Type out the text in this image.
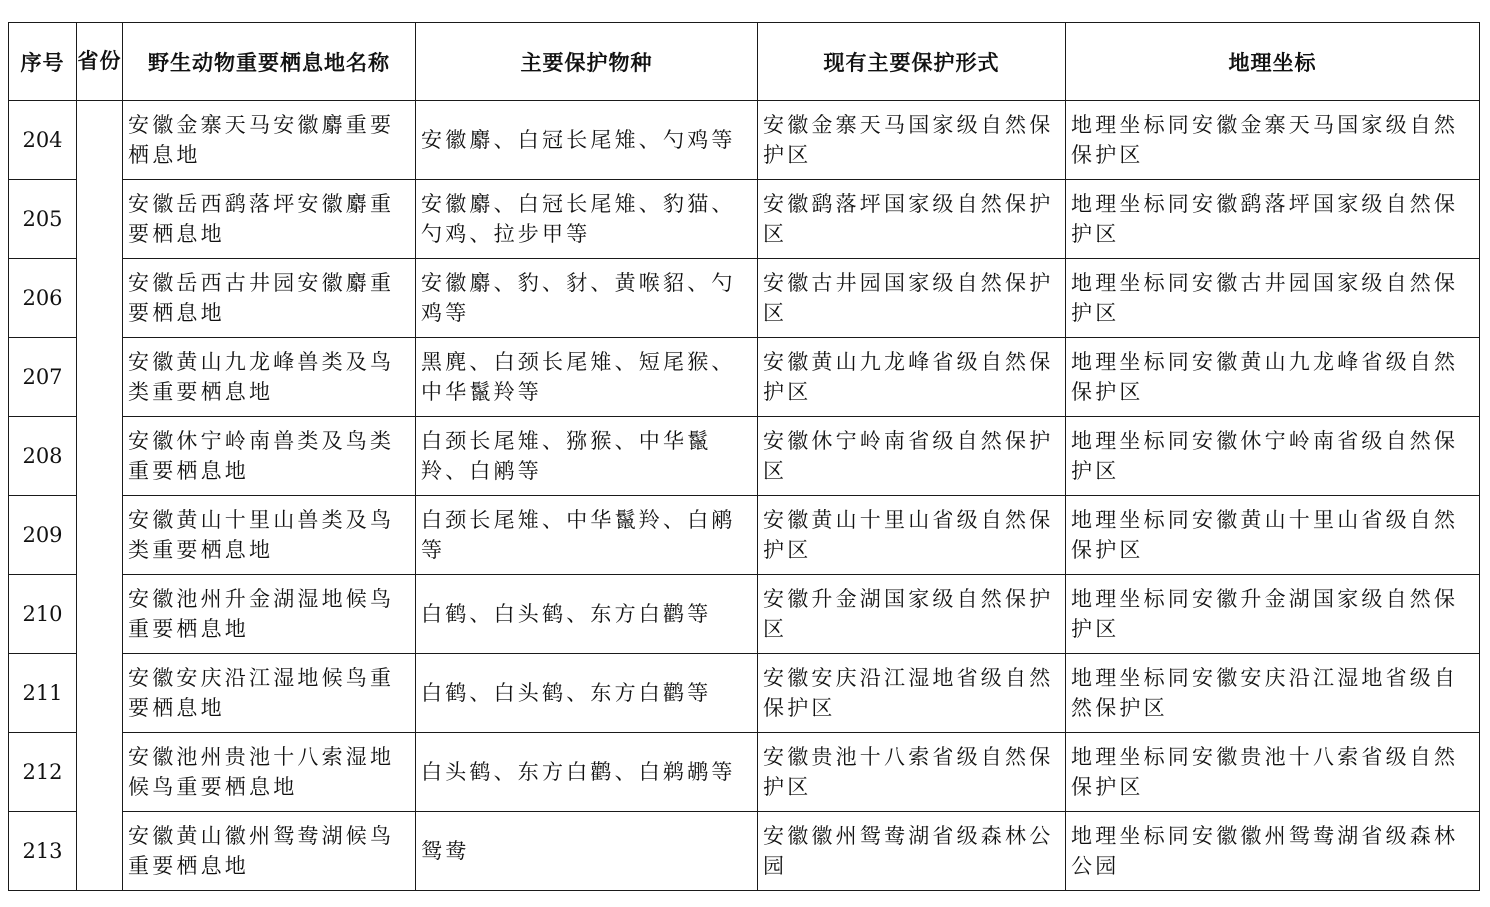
序号	省份	野生动物重要栖息地名称	主要保护物种	现有主要保护形式	地理坐标
204		安徽金寨天马安徽麝重要栖息地	安徽麝、白冠长尾雉、勺鸡等	安徽金寨天马国家级自然保护区	地理坐标同安徽金寨天马国家级自然保护区
205		安徽岳西鹞落坪安徽麝重要栖息地	安徽麝、白冠长尾雉、豹猫、勺鸡、拉步甲等	安徽鹞落坪国家级自然保护区	地理坐标同安徽鹞落坪国家级自然保护区
206		安徽岳西古井园安徽麝重要栖息地	安徽麝、豹、豺、黄喉貂、勺鸡等	安徽古井园国家级自然保护区	地理坐标同安徽古井园国家级自然保护区
207		安徽黄山九龙峰兽类及鸟类重要栖息地	黑麂、白颈长尾雉、短尾猴、中华鬣羚等	安徽黄山九龙峰省级自然保护区	地理坐标同安徽黄山九龙峰省级自然保护区
208		安徽休宁岭南兽类及鸟类重要栖息地	白颈长尾雉、猕猴、中华鬣羚、白鹇等	安徽休宁岭南省级自然保护区	地理坐标同安徽休宁岭南省级自然保护区
209		安徽黄山十里山兽类及鸟类重要栖息地	白颈长尾雉、中华鬣羚、白鹇等	安徽黄山十里山省级自然保护区	地理坐标同安徽黄山十里山省级自然保护区
210		安徽池州升金湖湿地候鸟重要栖息地	白鹤、白头鹤、东方白鹳等	安徽升金湖国家级自然保护区	地理坐标同安徽升金湖国家级自然保护区
211		安徽安庆沿江湿地候鸟重要栖息地	白鹤、白头鹤、东方白鹳等	安徽安庆沿江湿地省级自然保护区	地理坐标同安徽安庆沿江湿地省级自然保护区
212		安徽池州贵池十八索湿地候鸟重要栖息地	白头鹤、东方白鹳、白鹈鹕等	安徽贵池十八索省级自然保护区	地理坐标同安徽贵池十八索省级自然保护区
213		安徽黄山徽州鸳鸯湖候鸟重要栖息地	鸳鸯	安徽徽州鸳鸯湖省级森林公园	地理坐标同安徽徽州鸳鸯湖省级森林公园
